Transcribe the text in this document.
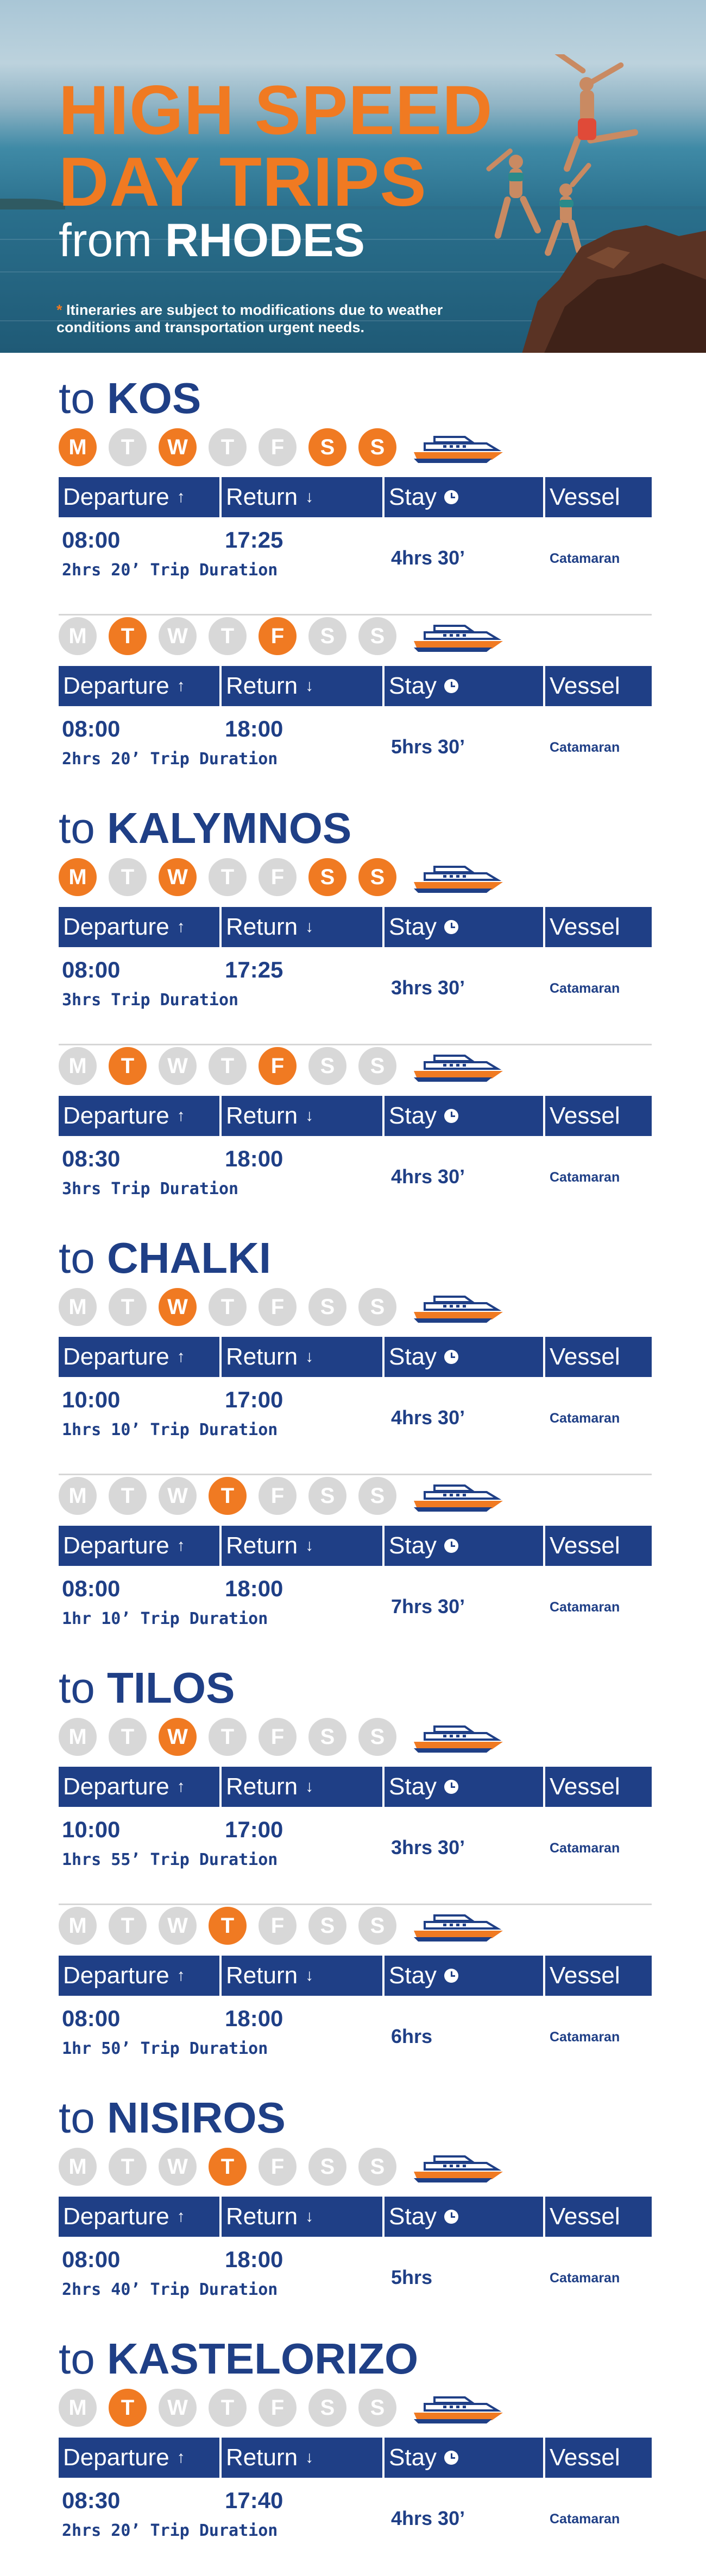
HIGH SPEED
DAY TRIPS
from RHODES
* Itineraries are subject to modifications due to weather conditions and transportation urgent needs.
to KOS
M	T	W	T	F	S	S
Departure ↑ Return ↓	Stay	Vessel
08:00	17:25
2hrs 20’ Trip Duration
4hrs 30’	Catamaran
M	T	W	T	F	S	S
Departure ↑ Return ↓	Stay	Vessel
08:00	18:00
2hrs 20’ Trip Duration
5hrs 30’	Catamaran
to KALYMNOS
M	T	W	T	F	S	S
Departure ↑ Return ↓	Stay	Vessel
08:00	17:25
3hrs Trip Duration
3hrs 30’	Catamaran
M	T	W	T	F	S	S
Departure ↑ Return ↓	Stay	Vessel
08:30	18:00
3hrs Trip Duration
4hrs 30’	Catamaran
to CHALKI
M	T	W	T	F	S	S
Departure ↑ Return ↓	Stay	Vessel
10:00	17:00
1hrs 10’ Trip Duration
4hrs 30’	Catamaran
M	T	W	T	F	S	S
Departure ↑ Return ↓	Stay	Vessel
08:00	18:00
1hr 10’ Trip Duration
7hrs 30’	Catamaran
to TILOS
M	T	W	T	F	S	S
Departure ↑ Return ↓	Stay	Vessel
10:00	17:00
1hrs 55’ Trip Duration
3hrs 30’	Catamaran
M	T	W	T	F	S	S
Departure ↑ Return ↓	Stay	Vessel
08:00	18:00
1hr 50’ Trip Duration
6hrs	Catamaran
to NISIROS
M	T	W	T	F	S	S
Departure ↑ Return ↓	Stay	Vessel
08:00	18:00
2hrs 40’ Trip Duration
5hrs	Catamaran
to KASTELORIZO
M	T	W	T	F	S	S
Departure ↑ Return ↓	Stay	Vessel
08:30	17:40
2hrs 20’ Trip Duration
4hrs 30’	Catamaran
